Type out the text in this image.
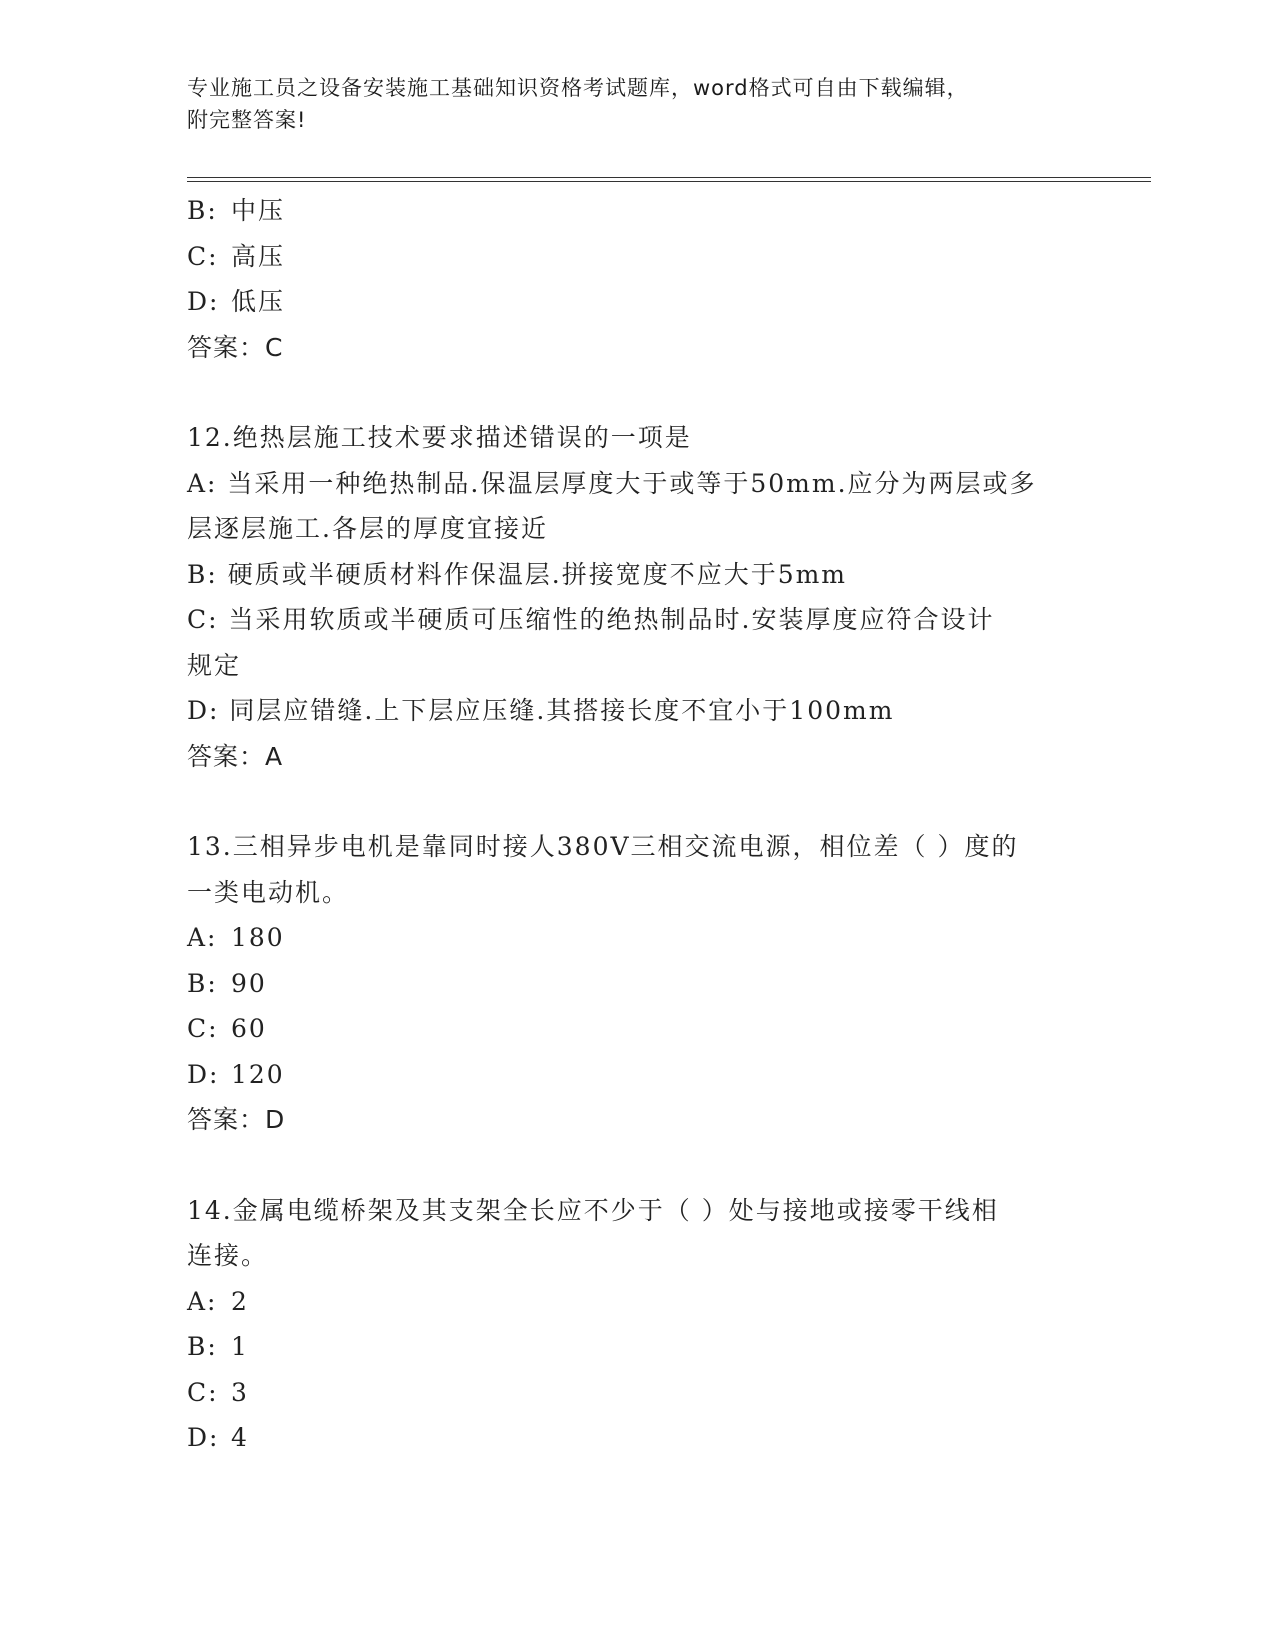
专业施工员之设备安装施工基础知识资格考试题库，word格式可自由下载编辑，
附完整答案!
B: 中压
C: 高压
D: 低压
答案：C
12.绝热层施工技术要求描述错误的一项是
A: 当采用一种绝热制品.保温层厚度大于或等于50mm.应分为两层或多
层逐层施工.各层的厚度宜接近
B: 硬质或半硬质材料作保温层.拼接宽度不应大于5mm
C: 当采用软质或半硬质可压缩性的绝热制品时.安装厚度应符合设计
规定
D: 同层应错缝.上下层应压缝.其搭接长度不宜小于100mm
答案：A
13.三相异步电机是靠同时接人380V三相交流电源，相位差（ ）度的
一类电动机。
A: 180
B: 90
C: 60
D: 120
答案：D
14.金属电缆桥架及其支架全长应不少于（ ）处与接地或接零干线相
连接。
A: 2
B: 1
C: 3
D: 4
